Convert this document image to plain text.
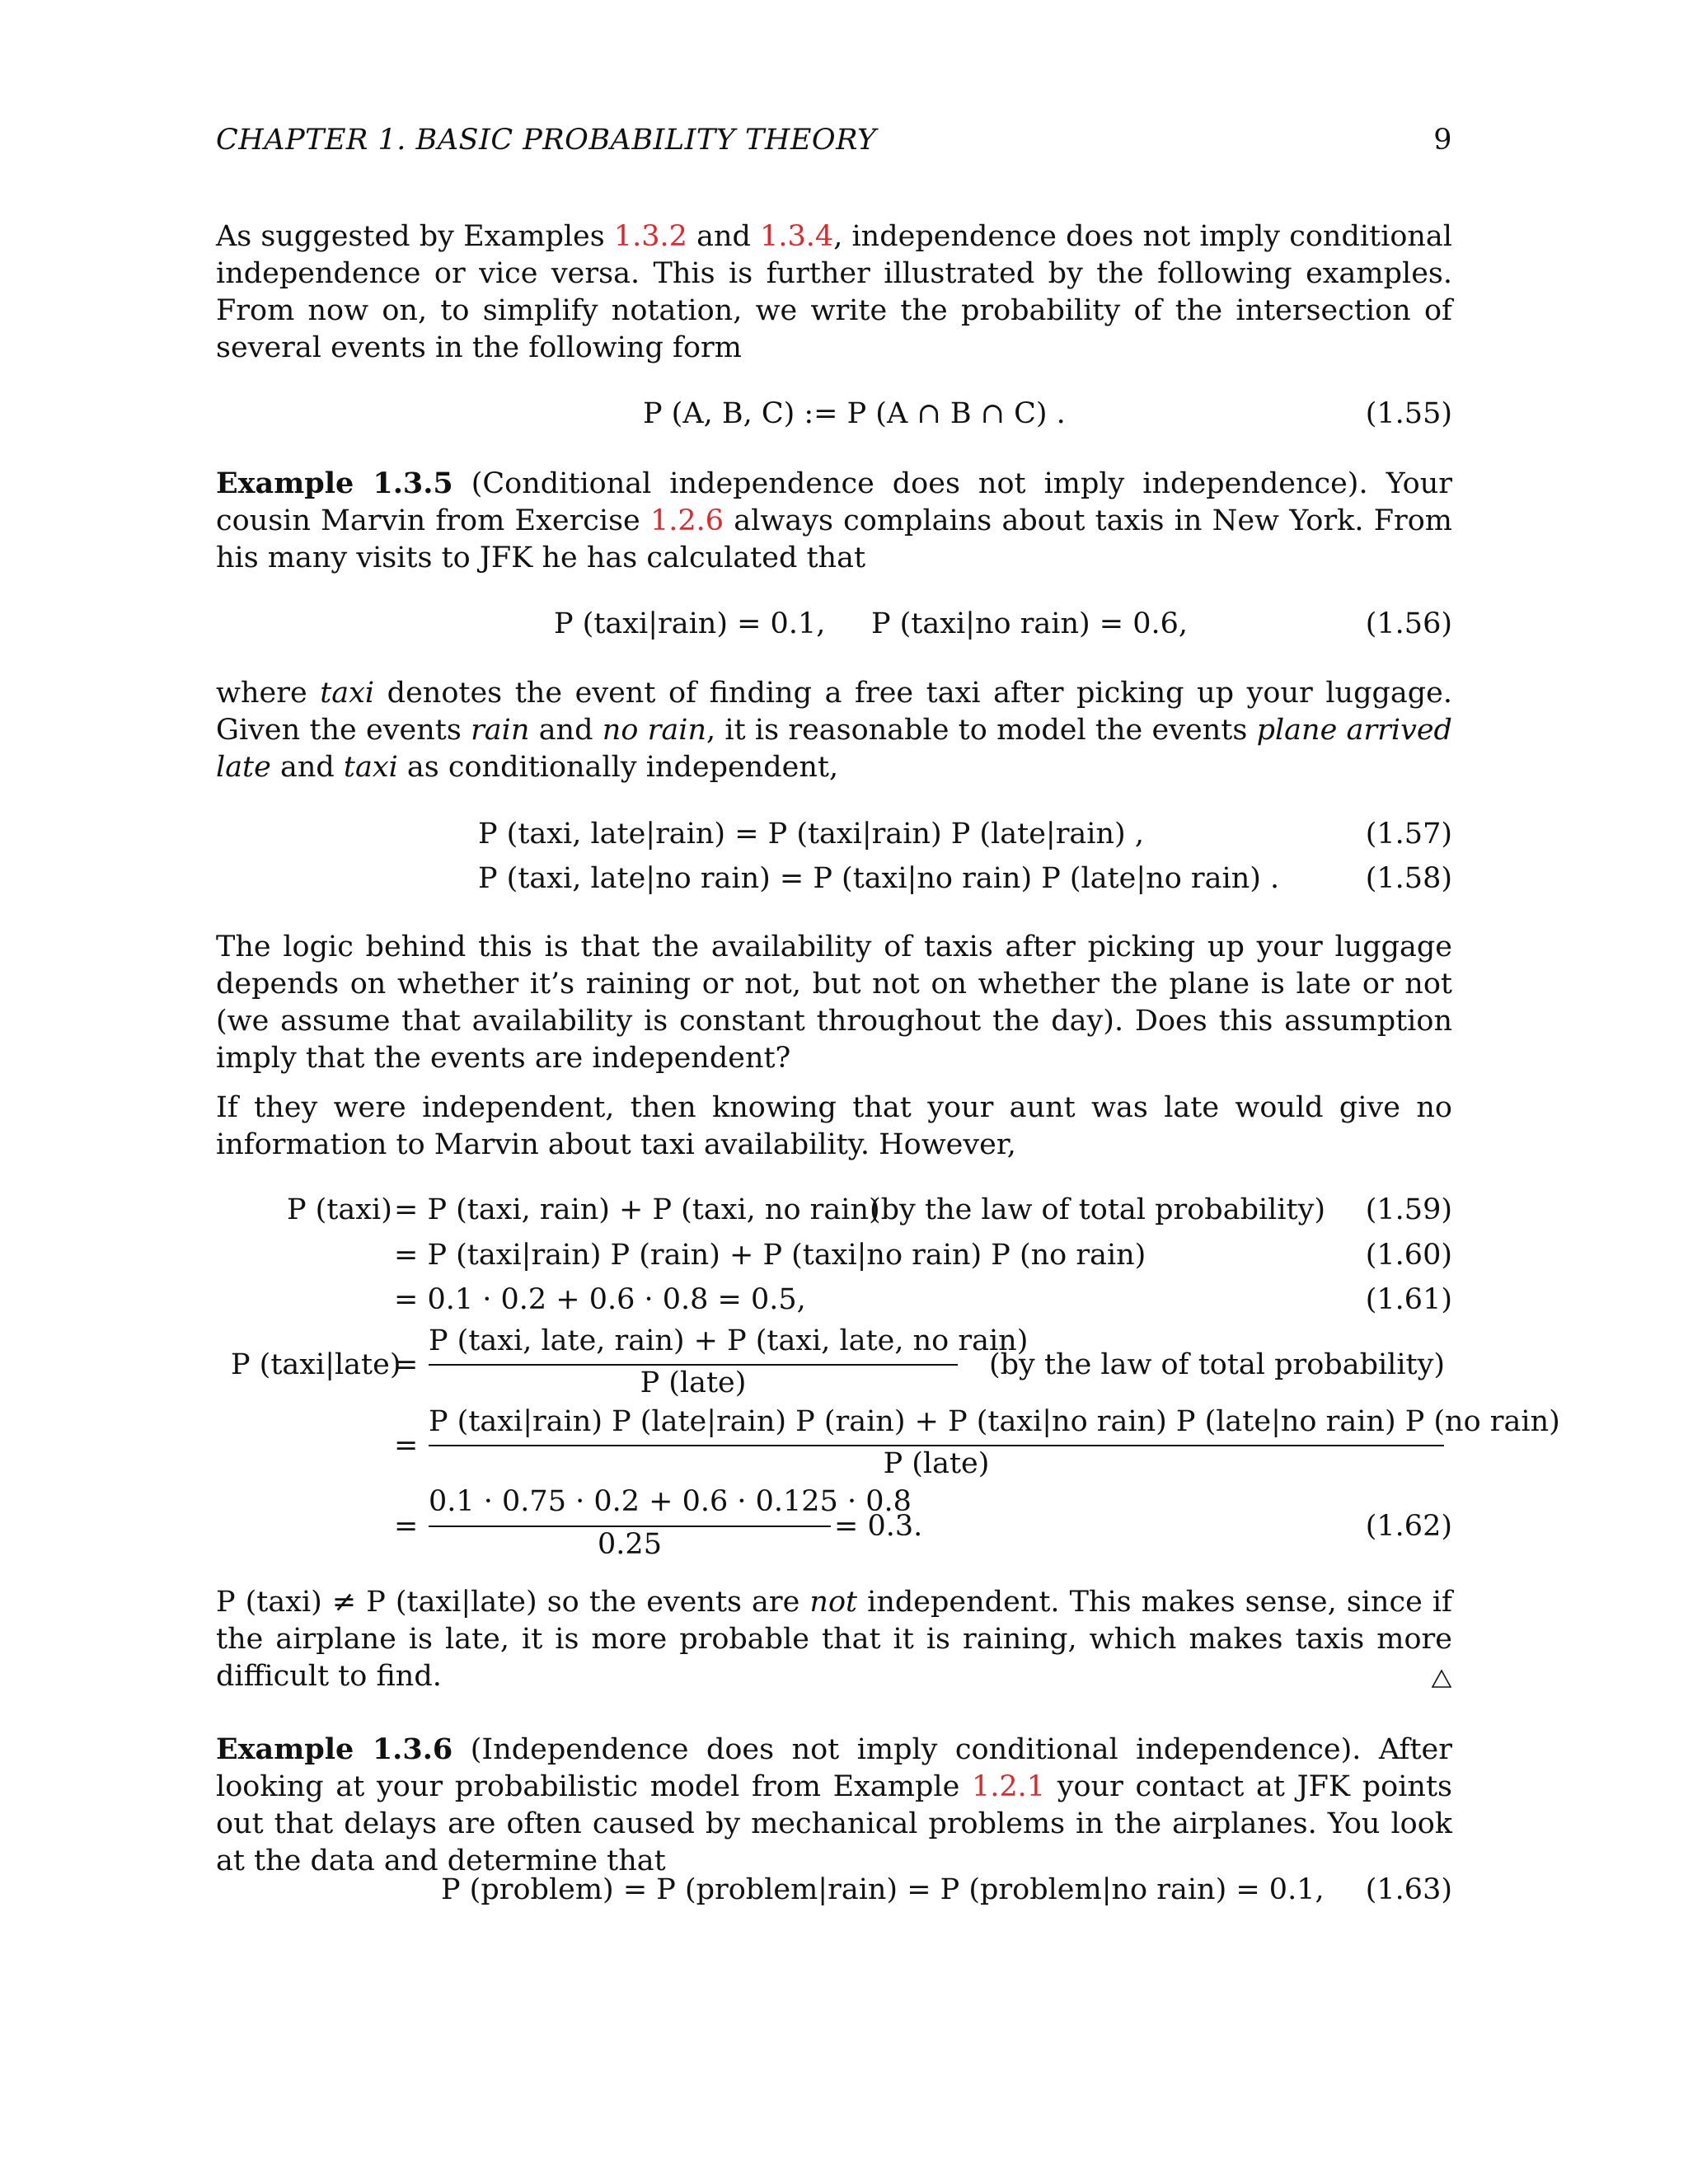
CHAPTER 1. BASIC PROBABILITY THEORY	9
As suggested by Examples 1.3.2 and 1.3.4, independence does not imply conditional independence or vice versa. This is further illustrated by the following examples. From now on, to simplify notation, we write the probability of the intersection of several events in the following form
P (A, B, C) := P (A ∩ B ∩ C) .	(1.55)
Example 1.3.5 (Conditional independence does not imply independence). Your cousin Marvin from Exercise 1.2.6 always complains about taxis in New York. From his many visits to JFK he has calculated that
P (taxi|rain) = 0.1,     P (taxi|no rain) = 0.6,	(1.56)
where taxi denotes the event of finding a free taxi after picking up your luggage. Given the events rain and no rain, it is reasonable to model the events plane arrived late and taxi as conditionally independent,
P (taxi, late|rain) = P (taxi|rain) P (late|rain) ,	(1.57)
P (taxi, late|no rain) = P (taxi|no rain) P (late|no rain) .	(1.58)
The logic behind this is that the availability of taxis after picking up your luggage depends on whether it’s raining or not, but not on whether the plane is late or not (we assume that availability is constant throughout the day). Does this assumption imply that the events are independent?
If they were independent, then knowing that your aunt was late would give no information to Marvin about taxi availability. However,
P (taxi) = P (taxi, rain) + P (taxi, no rain)
(by the law of total probability) (1.59)
= P (taxi|rain) P (rain) + P (taxi|no rain) P (no rain)	(1.60)
= 0.1 · 0.2 + 0.6 · 0.8 = 0.5,	(1.61)
P (taxi|late)
=
P (taxi, late, rain) + P (taxi, late, no rain)
P (late)
(by the law of total probability)
=
P (taxi|rain) P (late|rain) P (rain) + P (taxi|no rain) P (late|no rain) P (no rain)
P (late)
=
0.1 · 0.75 · 0.2 + 0.6 · 0.125 · 0.8
0.25
= 0.3.	(1.62)
P (taxi) ≠ P (taxi|late) so the events are not independent. This makes sense, since if the airplane is late, it is more probable that it is raining, which makes taxis more difficult to find.
Example 1.3.6 (Independence does not imply conditional independence). After looking at your probabilistic model from Example 1.2.1 your contact at JFK points out that delays are often caused by mechanical problems in the airplanes. You look at the data and determine that
P (problem) = P (problem|rain) = P (problem|no rain) = 0.1, (1.63)
